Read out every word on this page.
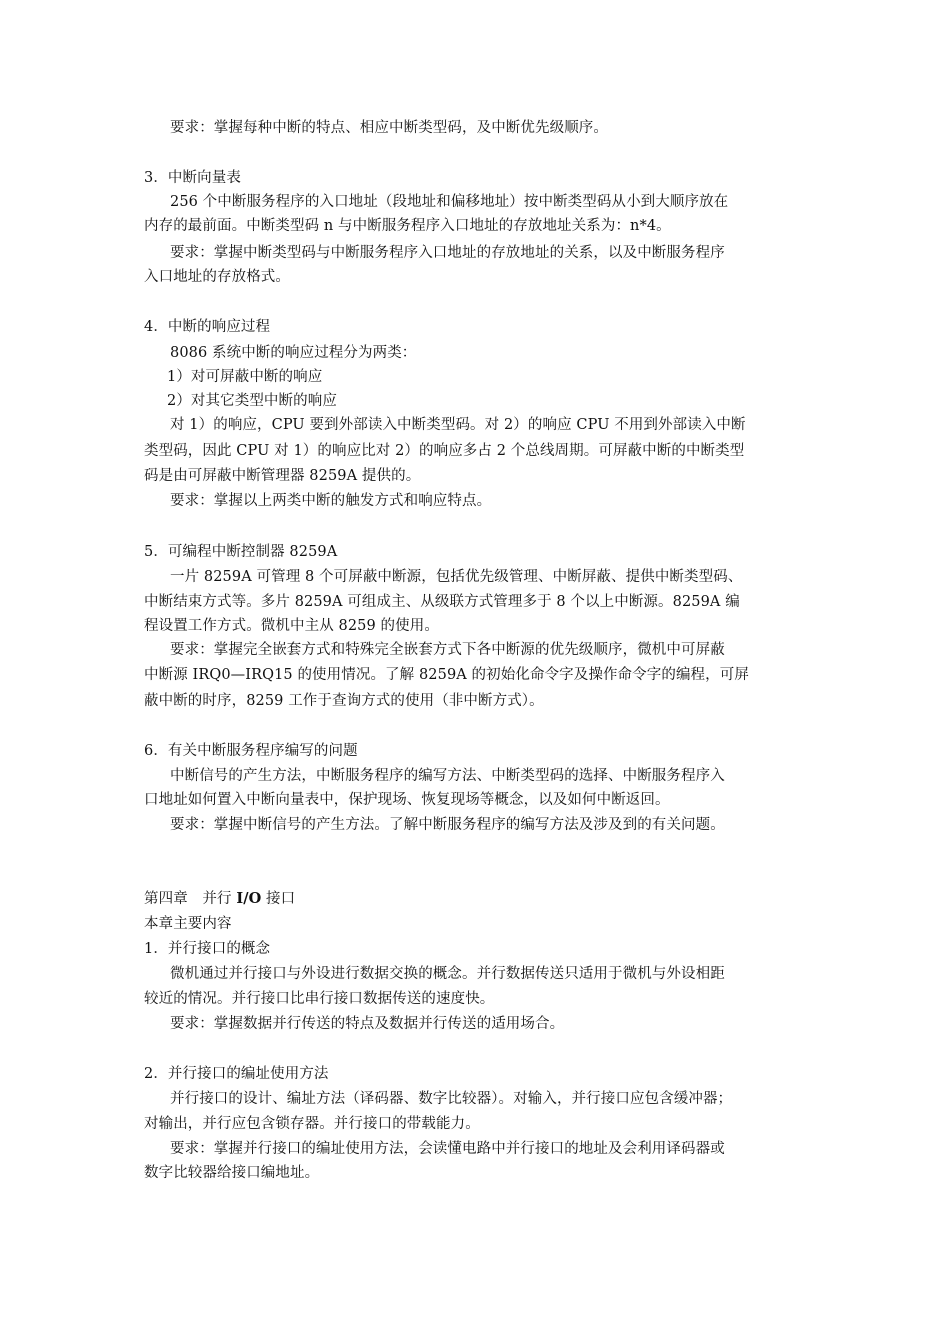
要求：掌握每种中断的特点、相应中断类型码，及中断优先级顺序。
3．中断向量表
256 个中断服务程序的入口地址（段地址和偏移地址）按中断类型码从小到大顺序放在
内存的最前面。中断类型码 n 与中断服务程序入口地址的存放地址关系为：n*4。
要求：掌握中断类型码与中断服务程序入口地址的存放地址的关系，以及中断服务程序
入口地址的存放格式。
4．中断的响应过程
8086 系统中断的响应过程分为两类：
1）对可屏蔽中断的响应
2）对其它类型中断的响应
对 1）的响应，CPU 要到外部读入中断类型码。对 2）的响应 CPU 不用到外部读入中断
类型码，因此 CPU 对 1）的响应比对 2）的响应多占 2 个总线周期。可屏蔽中断的中断类型
码是由可屏蔽中断管理器 8259A 提供的。
要求：掌握以上两类中断的触发方式和响应特点。
5．可编程中断控制器 8259A
一片 8259A 可管理 8 个可屏蔽中断源，包括优先级管理、中断屏蔽、提供中断类型码、
中断结束方式等。多片 8259A 可组成主、从级联方式管理多于 8 个以上中断源。8259A 编
程设置工作方式。微机中主从 8259 的使用。
要求：掌握完全嵌套方式和特殊完全嵌套方式下各中断源的优先级顺序，微机中可屏蔽
中断源 IRQ0—IRQ15 的使用情况。了解 8259A 的初始化命令字及操作命令字的编程，可屏
蔽中断的时序，8259 工作于查询方式的使用（非中断方式）。
6．有关中断服务程序编写的问题
中断信号的产生方法，中断服务程序的编写方法、中断类型码的选择、中断服务程序入
口地址如何置入中断向量表中，保护现场、恢复现场等概念，以及如何中断返回。
要求：掌握中断信号的产生方法。了解中断服务程序的编写方法及涉及到的有关问题。
第四章　并行 I/O 接口
本章主要内容
1．并行接口的概念
微机通过并行接口与外设进行数据交换的概念。并行数据传送只适用于微机与外设相距
较近的情况。并行接口比串行接口数据传送的速度快。
要求：掌握数据并行传送的特点及数据并行传送的适用场合。
2．并行接口的编址使用方法
并行接口的设计、编址方法（译码器、数字比较器）。对输入，并行接口应包含缓冲器；
对输出，并行应包含锁存器。并行接口的带载能力。
要求：掌握并行接口的编址使用方法，会读懂电路中并行接口的地址及会利用译码器或
数字比较器给接口编地址。
